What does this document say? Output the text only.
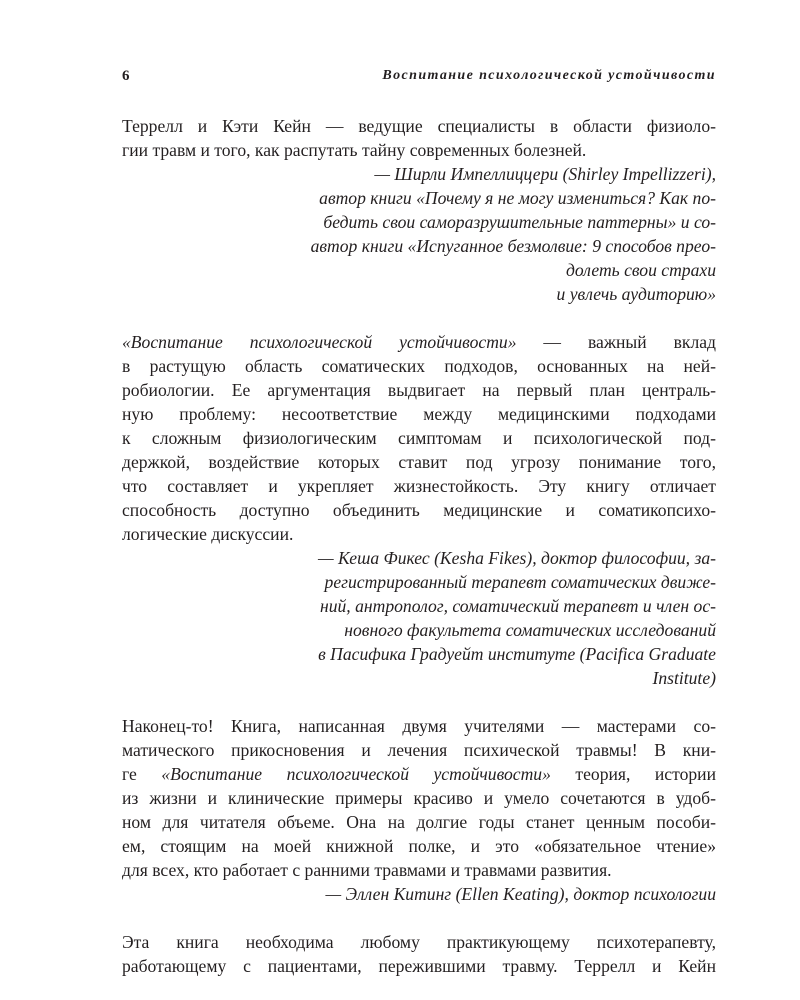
6	Воспитание психологической устойчивости
Террелл и Кэти Кейн — ведущие специалисты в области физиоло-
гии травм и того, как распутать тайну современных болезней.
— Ширли Импеллиццери (Shirley Impellizzeri),
автор книги «Почему я не могу измениться? Как по-
бедить свои саморазрушительные паттерны» и со-
автор книги «Испуганное безмолвие: 9 способов прео-
долеть свои страхи
и увлечь аудиторию»
«Воспитание психологической устойчивости» — важный вклад
в растущую область соматических подходов, основанных на ней-
робиологии. Ее аргументация выдвигает на первый план централь-
ную проблему: несоответствие между медицинскими подходами
к сложным физиологическим симптомам и психологической под-
держкой, воздействие которых ставит под угрозу понимание того,
что составляет и укрепляет жизнестойкость. Эту книгу отличает
способность доступно объединить медицинские и соматикопсихо-
логические дискуссии.
— Кеша Фикес (Kesha Fikes), доктор философии, за-
регистрированный терапевт соматических движе-
ний, антрополог, соматический терапевт и член ос-
новного факультета соматических исследований
в Пасифика Градуейт институте (Pacifica Graduate
Institute)
Наконец-то! Книга, написанная двумя учителями — мастерами со-
матического прикосновения и лечения психической травмы! В кни-
ге «Воспитание психологической устойчивости» теория, истории
из жизни и клинические примеры красиво и умело сочетаются в удоб-
ном для читателя объеме. Она на долгие годы станет ценным пособи-
ем, стоящим на моей книжной полке, и это «обязательное чтение»
для всех, кто работает с ранними травмами и травмами развития.
— Эллен Китинг (Ellen Keating), доктор психологии
Эта книга необходима любому практикующему психотерапевту,
работающему с пациентами, пережившими травму. Террелл и Кейн
